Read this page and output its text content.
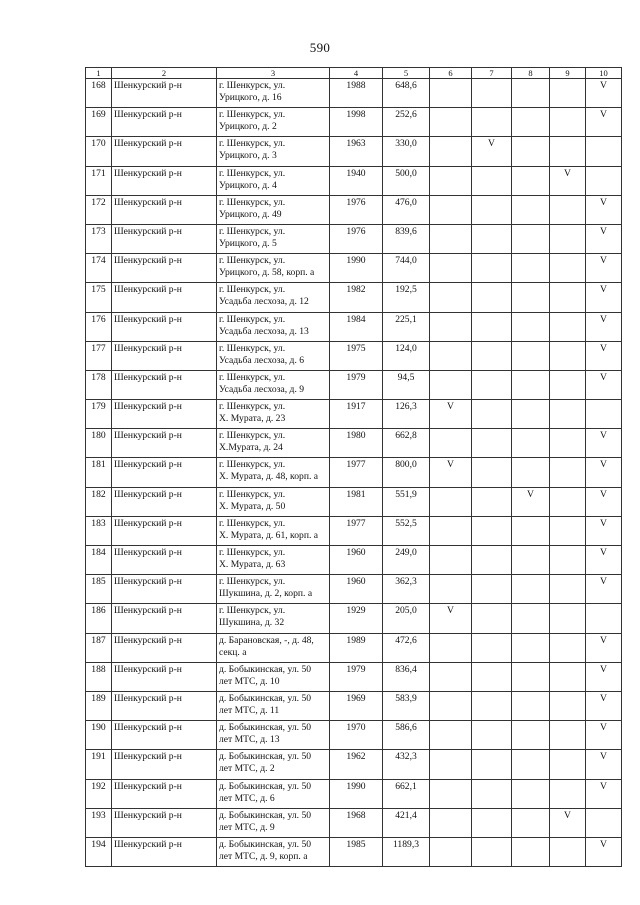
590
1	2	3	4	5	6	7	8	9	10
168	Шенкурский р-н	г. Шенкурск, ул.
Урицкого, д. 16	1988	648,6					V
169	Шенкурский р-н	г. Шенкурск, ул.
Урицкого, д. 2	1998	252,6					V
170	Шенкурский р-н	г. Шенкурск, ул.
Урицкого, д. 3	1963	330,0		V			
171	Шенкурский р-н	г. Шенкурск, ул.
Урицкого, д. 4	1940	500,0				V	
172	Шенкурский р-н	г. Шенкурск, ул.
Урицкого, д. 49	1976	476,0					V
173	Шенкурский р-н	г. Шенкурск, ул.
Урицкого, д. 5	1976	839,6					V
174	Шенкурский р-н	г. Шенкурск, ул.
Урицкого, д. 58, корп. а	1990	744,0					V
175	Шенкурский р-н	г. Шенкурск, ул.
Усадьба лесхоза, д. 12	1982	192,5					V
176	Шенкурский р-н	г. Шенкурск, ул.
Усадьба лесхоза, д. 13	1984	225,1					V
177	Шенкурский р-н	г. Шенкурск, ул.
Усадьба лесхоза, д. 6	1975	124,0					V
178	Шенкурский р-н	г. Шенкурск, ул.
Усадьба лесхоза, д. 9	1979	94,5					V
179	Шенкурский р-н	г. Шенкурск, ул.
Х. Мурата, д. 23	1917	126,3	V				
180	Шенкурский р-н	г. Шенкурск, ул.
Х.Мурата, д. 24	1980	662,8					V
181	Шенкурский р-н	г. Шенкурск, ул.
Х. Мурата, д. 48, корп. а	1977	800,0	V				V
182	Шенкурский р-н	г. Шенкурск, ул.
Х. Мурата, д. 50	1981	551,9			V		V
183	Шенкурский р-н	г. Шенкурск, ул.
Х. Мурата, д. 61, корп. а	1977	552,5					V
184	Шенкурский р-н	г. Шенкурск, ул.
Х. Мурата, д. 63	1960	249,0					V
185	Шенкурский р-н	г. Шенкурск, ул.
Шукшина, д. 2, корп. а	1960	362,3					V
186	Шенкурский р-н	г. Шенкурск, ул.
Шукшина, д. 32	1929	205,0	V				
187	Шенкурский р-н	д. Барановская, -, д. 48,
секц. а	1989	472,6					V
188	Шенкурский р-н	д. Бобыкинская, ул. 50
лет МТС, д. 10	1979	836,4					V
189	Шенкурский р-н	д. Бобыкинская, ул. 50
лет МТС, д. 11	1969	583,9					V
190	Шенкурский р-н	д. Бобыкинская, ул. 50
лет МТС, д. 13	1970	586,6					V
191	Шенкурский р-н	д. Бобыкинская, ул. 50
лет МТС, д. 2	1962	432,3					V
192	Шенкурский р-н	д. Бобыкинская, ул. 50
лет МТС, д. 6	1990	662,1					V
193	Шенкурский р-н	д. Бобыкинская, ул. 50
лет МТС, д. 9	1968	421,4				V	
194	Шенкурский р-н	д. Бобыкинская, ул. 50
лет МТС, д. 9, корп. а	1985	1189,3					V
